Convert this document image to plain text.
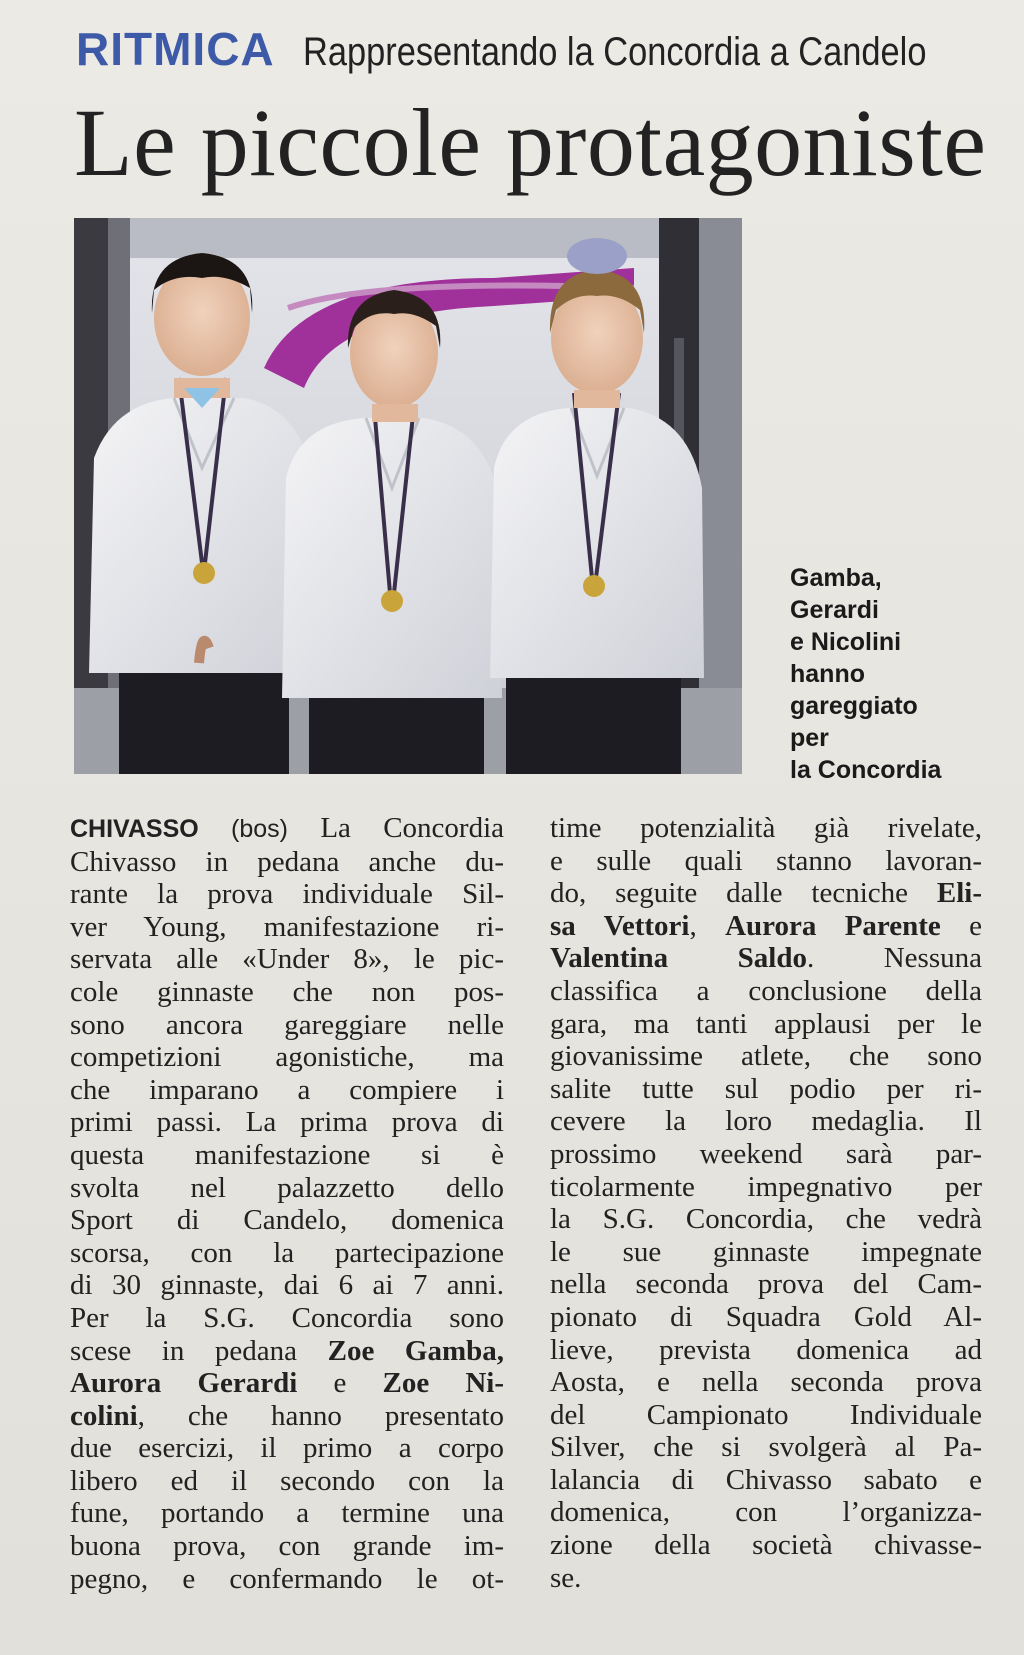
RITMICA Rappresentando la Concordia a Candelo
Le piccole protagoniste
Gamba,
Gerardi
e Nicolini
hanno
gareggiato
per
la Concordia
CHIVASSO (bos) La Concordia
Chivasso in pedana anche du-
rante la prova individuale Sil-
ver Young, manifestazione ri-
servata alle «Under 8», le pic-
cole ginnaste che non pos-
sono ancora gareggiare nelle
competizioni agonistiche, ma
che imparano a compiere i
primi passi. La prima prova di
questa manifestazione si è
svolta nel palazzetto dello
Sport di Candelo, domenica
scorsa, con la partecipazione
di 30 ginnaste, dai 6 ai 7 anni.
Per la S.G. Concordia sono
scese in pedana Zoe Gamba,
Aurora Gerardi e Zoe Ni-
colini, che hanno presentato
due esercizi, il primo a corpo
libero ed il secondo con la
fune, portando a termine una
buona prova, con grande im-
pegno, e confermando le ot-
time potenzialità già rivelate,
e sulle quali stanno lavoran-
do, seguite dalle tecniche Eli-
sa Vettori, Aurora Parente e
Valentina Saldo. Nessuna
classifica a conclusione della
gara, ma tanti applausi per le
giovanissime atlete, che sono
salite tutte sul podio per ri-
cevere la loro medaglia. Il
prossimo weekend sarà par-
ticolarmente impegnativo per
la S.G. Concordia, che vedrà
le sue ginnaste impegnate
nella seconda prova del Cam-
pionato di Squadra Gold Al-
lieve, prevista domenica ad
Aosta, e nella seconda prova
del Campionato Individuale
Silver, che si svolgerà al Pa-
lalancia di Chivasso sabato e
domenica, con l’organizza-
zione della società chivasse-
se.
